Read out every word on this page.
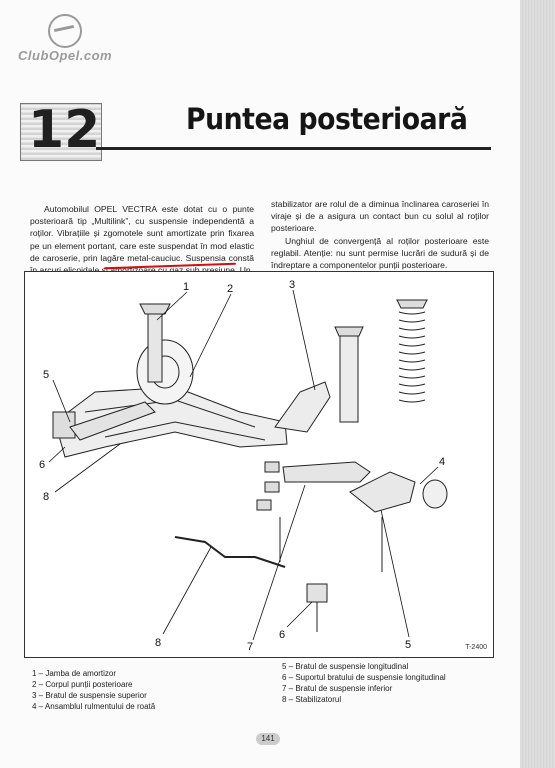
ClubOpel.com
12	Puntea posterioară

Automobilul OPEL VECTRA este dotat cu o punte posterioară tip „Multilink”, cu suspensie independentă a roților. Vibrațiile și zgomotele sunt amortizate prin fixarea pe un element portant, care este suspendat în mod elastic de caroserie, prin lagăre metal-cauciuc. Suspensia constă

stabilizator are rolul de a diminua înclinarea caroseriei în viraje și de a asigura un contact bun cu solul al roților posterioare.

Unghiul de convergență al roților posterioare este reglabil. Atenție: nu sunt permise lucrări de sudură și de îndreptare a componentelor punții posterioare.

1	2	3
4
5
6
8
8	7
6
5	T-2400
1 – Jamba de amortizor
2 – Corpul punții posterioare
3 – Bratul de suspensie superior
4 – Ansamblul rulmentului de roată
5 – Bratul de suspensie longitudinal
6 – Suportul bratului de suspensie longitudinal
7 – Bratul de suspensie inferior
8 – Stabilizatorul
141
